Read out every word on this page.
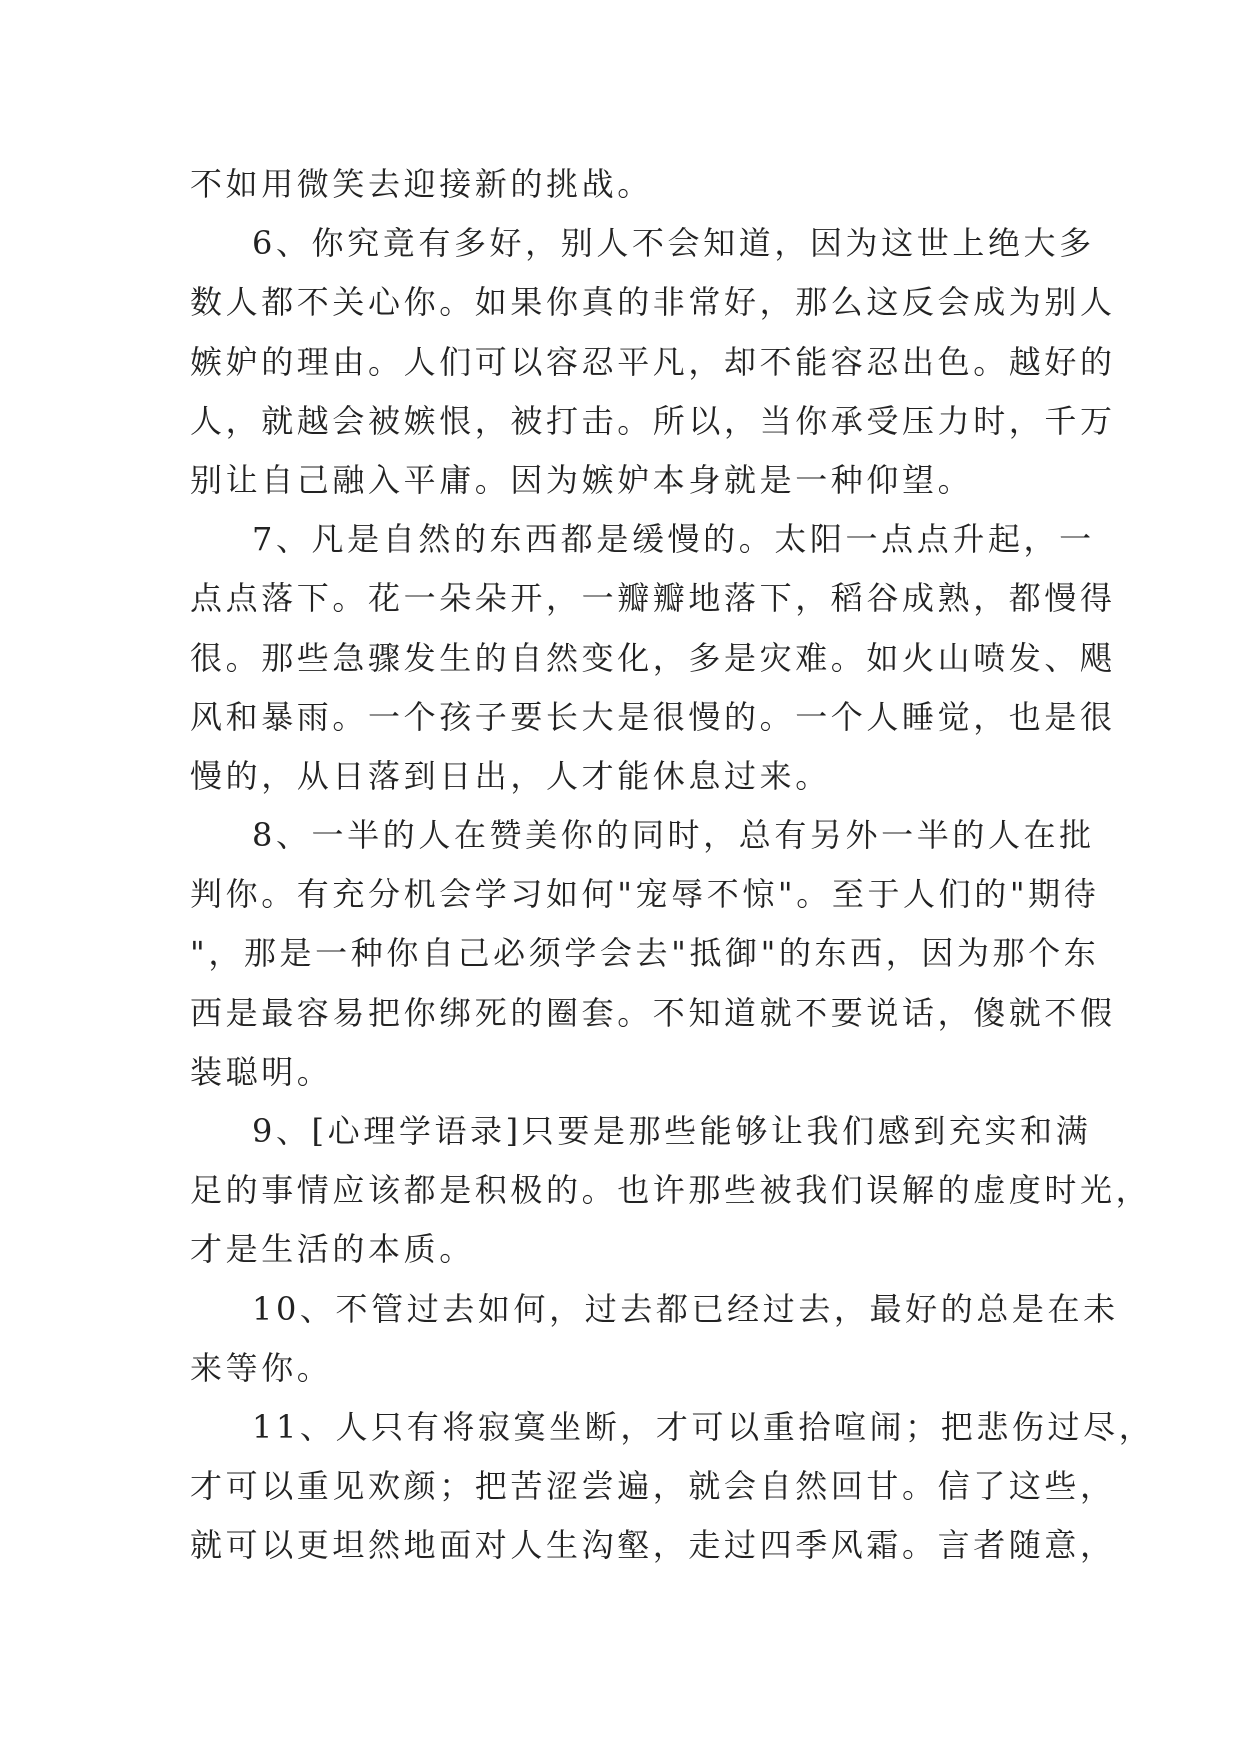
不如用微笑去迎接新的挑战。
6、你究竟有多好，别人不会知道，因为这世上绝大多
数人都不关心你。如果你真的非常好，那么这反会成为别人
嫉妒的理由。人们可以容忍平凡，却不能容忍出色。越好的
人，就越会被嫉恨，被打击。所以，当你承受压力时，千万
别让自己融入平庸。因为嫉妒本身就是一种仰望。
7、凡是自然的东西都是缓慢的。太阳一点点升起，一
点点落下。花一朵朵开，一瓣瓣地落下，稻谷成熟，都慢得
很。那些急骤发生的自然变化，多是灾难。如火山喷发、飓
风和暴雨。一个孩子要长大是很慢的。一个人睡觉，也是很
慢的，从日落到日出，人才能休息过来。
8、一半的人在赞美你的同时，总有另外一半的人在批
判你。有充分机会学习如何"宠辱不惊"。至于人们的"期待
"，那是一种你自己必须学会去"抵御"的东西，因为那个东
西是最容易把你绑死的圈套。不知道就不要说话，傻就不假
装聪明。
9、[心理学语录]只要是那些能够让我们感到充实和满
足的事情应该都是积极的。也许那些被我们误解的虚度时光，
才是生活的本质。
10、不管过去如何，过去都已经过去，最好的总是在未
来等你。
11、人只有将寂寞坐断，才可以重拾喧闹；把悲伤过尽，
才可以重见欢颜；把苦涩尝遍，就会自然回甘。信了这些，
就可以更坦然地面对人生沟壑，走过四季风霜。言者随意，
